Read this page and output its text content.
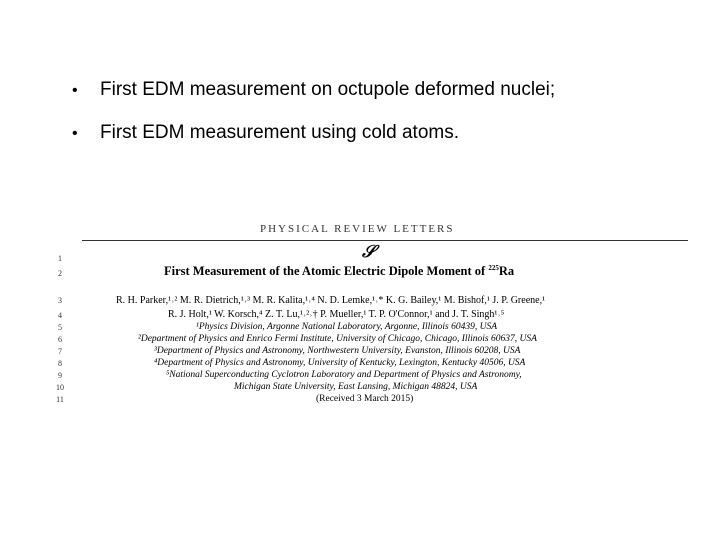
•	First EDM measurement on octupole deformed nuclei;
•	First EDM measurement using cold atoms.
PHYSICAL REVIEW LETTERS
𝒮
1
2
3
4
5
6
7
8
9
10
11
First Measurement of the Atomic Electric Dipole Moment of $^{225}$Ra
R. H. Parker,¹˒² M. R. Dietrich,¹˒³ M. R. Kalita,¹˒⁴ N. D. Lemke,¹˒* K. G. Bailey,¹ M. Bishof,¹ J. P. Greene,¹
R. J. Holt,¹ W. Korsch,⁴ Z. T. Lu,¹˒²˒† P. Mueller,¹ T. P. O'Connor,¹ and J. T. Singh¹˒⁵
¹Physics Division, Argonne National Laboratory, Argonne, Illinois 60439, USA
²Department of Physics and Enrico Fermi Institute, University of Chicago, Chicago, Illinois 60637, USA
³Department of Physics and Astronomy, Northwestern University, Evanston, Illinois 60208, USA
⁴Department of Physics and Astronomy, University of Kentucky, Lexington, Kentucky 40506, USA
⁵National Superconducting Cyclotron Laboratory and Department of Physics and Astronomy,
Michigan State University, East Lansing, Michigan 48824, USA
(Received 3 March 2015)
